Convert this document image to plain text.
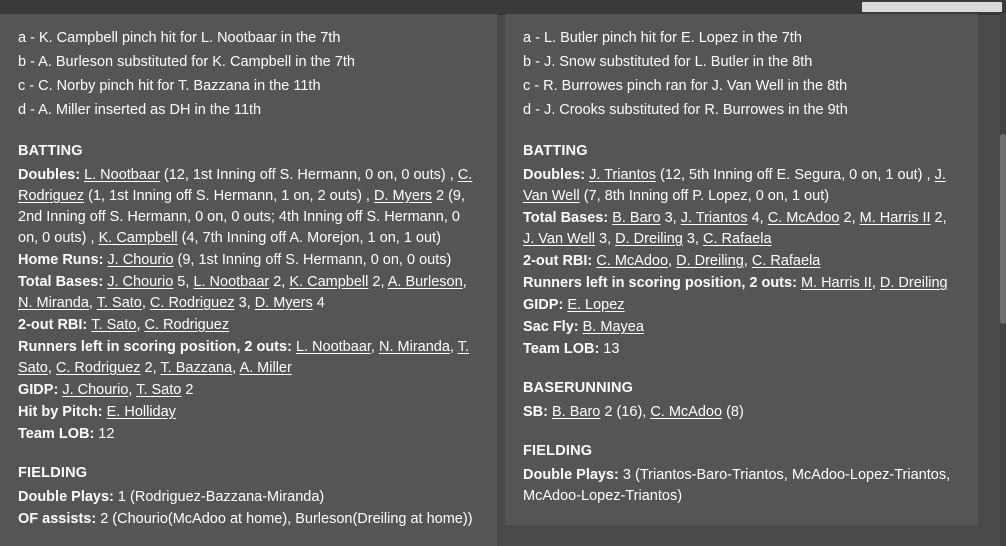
a - K. Campbell pinch hit for L. Nootbaar in the 7th
b - A. Burleson substituted for K. Campbell in the 7th
c - C. Norby pinch hit for T. Bazzana in the 11th
d - A. Miller inserted as DH in the 11th
BATTING
Doubles: L. Nootbaar (12, 1st Inning off S. Hermann, 0 on, 0 outs) , C. Rodriguez (1, 1st Inning off S. Hermann, 1 on, 2 outs) , D. Myers 2 (9, 2nd Inning off S. Hermann, 0 on, 0 outs; 4th Inning off S. Hermann, 0 on, 0 outs) , K. Campbell (4, 7th Inning off A. Morejon, 1 on, 1 out)
Home Runs: J. Chourio (9, 1st Inning off S. Hermann, 0 on, 0 outs)
Total Bases: J. Chourio 5, L. Nootbaar 2, K. Campbell 2, A. Burleson, N. Miranda, T. Sato, C. Rodriguez 3, D. Myers 4
2-out RBI: T. Sato, C. Rodriguez
Runners left in scoring position, 2 outs: L. Nootbaar, N. Miranda, T. Sato, C. Rodriguez 2, T. Bazzana, A. Miller
GIDP: J. Chourio, T. Sato 2
Hit by Pitch: E. Holliday
Team LOB: 12
FIELDING
Double Plays: 1 (Rodriguez-Bazzana-Miranda)
OF assists: 2 (Chourio(McAdoo at home), Burleson(Dreiling at home))
a - L. Butler pinch hit for E. Lopez in the 7th
b - J. Snow substituted for L. Butler in the 8th
c - R. Burrowes pinch ran for J. Van Well in the 8th
d - J. Crooks substituted for R. Burrowes in the 9th
BATTING
Doubles: J. Triantos (12, 5th Inning off E. Segura, 0 on, 1 out) , J. Van Well (7, 8th Inning off P. Lopez, 0 on, 1 out)
Total Bases: B. Baro 3, J. Triantos 4, C. McAdoo 2, M. Harris II 2, J. Van Well 3, D. Dreiling 3, C. Rafaela
2-out RBI: C. McAdoo, D. Dreiling, C. Rafaela
Runners left in scoring position, 2 outs: M. Harris II, D. Dreiling
GIDP: E. Lopez
Sac Fly: B. Mayea
Team LOB: 13
BASERUNNING
SB: B. Baro 2 (16), C. McAdoo (8)
FIELDING
Double Plays: 3 (Triantos-Baro-Triantos, McAdoo-Lopez-Triantos, McAdoo-Lopez-Triantos)
